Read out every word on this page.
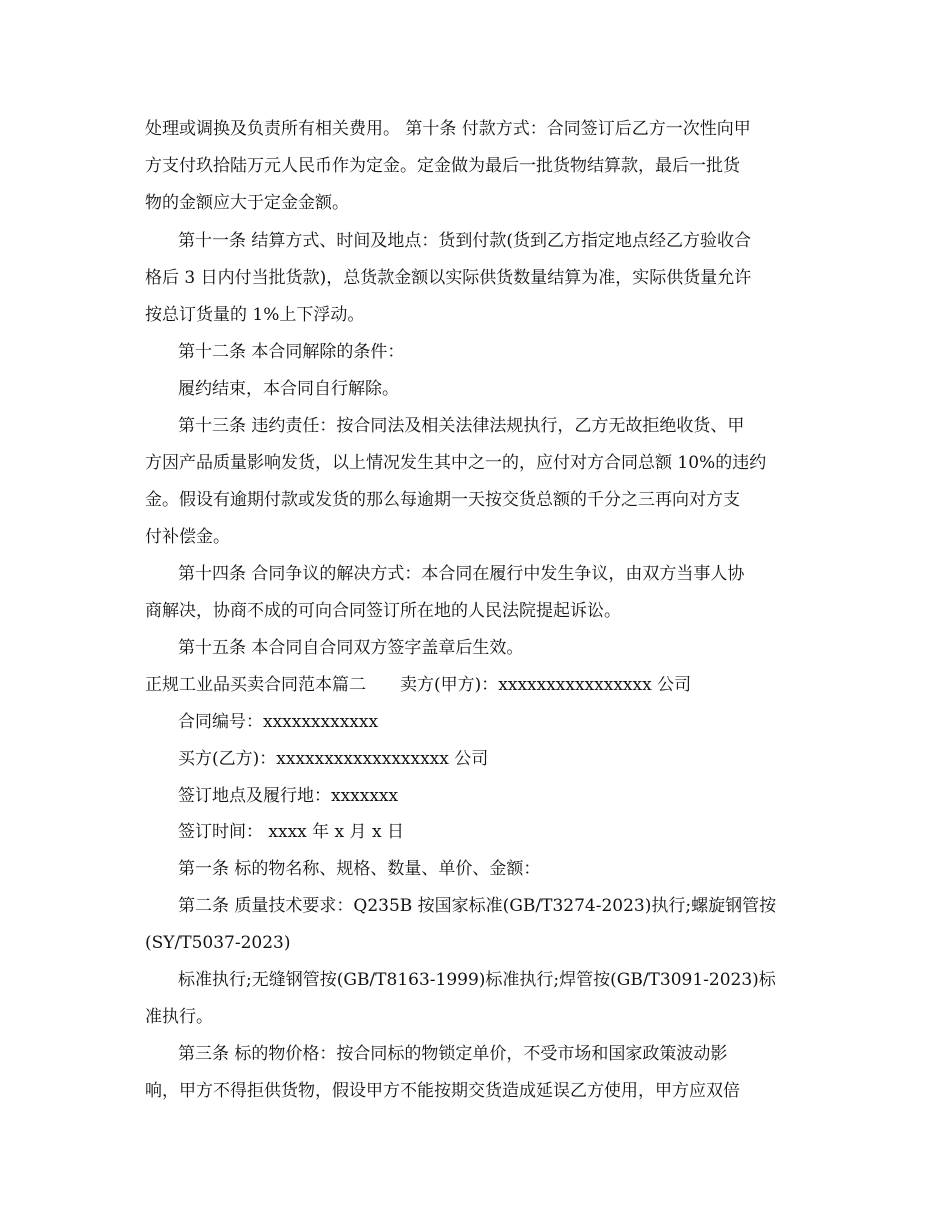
处理或调换及负责所有相关费用。 第十条 付款方式：合同签订后乙方一次性向甲
方支付玖拾陆万元人民币作为定金。定金做为最后一批货物结算款，最后一批货
物的金额应大于定金金额。
第十一条 结算方式、时间及地点：货到付款(货到乙方指定地点经乙方验收合
格后 3 日内付当批货款)，总货款金额以实际供货数量结算为准，实际供货量允许
按总订货量的 1%上下浮动。
第十二条 本合同解除的条件：
履约结束，本合同自行解除。
第十三条 违约责任：按合同法及相关法律法规执行，乙方无故拒绝收货、甲
方因产品质量影响发货，以上情况发生其中之一的，应付对方合同总额 10%的违约
金。假设有逾期付款或发货的那么每逾期一天按交货总额的千分之三再向对方支
付补偿金。
第十四条 合同争议的解决方式：本合同在履行中发生争议，由双方当事人协
商解决，协商不成的可向合同签订所在地的人民法院提起诉讼。
第十五条 本合同自合同双方签字盖章后生效。
正规工业品买卖合同范本篇二　　卖方(甲方)：xxxxxxxxxxxxxxxx 公司
合同编号：xxxxxxxxxxxx
买方(乙方)：xxxxxxxxxxxxxxxxxx 公司
签订地点及履行地：xxxxxxx
签订时间： xxxx 年 x 月 x 日
第一条 标的物名称、规格、数量、单价、金额：
第二条 质量技术要求：Q235B 按国家标准(GB/T3274-2023)执行;螺旋钢管按
(SY/T5037-2023)
标准执行;无缝钢管按(GB/T8163-1999)标准执行;焊管按(GB/T3091-2023)标
准执行。
第三条 标的物价格：按合同标的物锁定单价，不受市场和国家政策波动影
响，甲方不得拒供货物，假设甲方不能按期交货造成延误乙方使用，甲方应双倍
